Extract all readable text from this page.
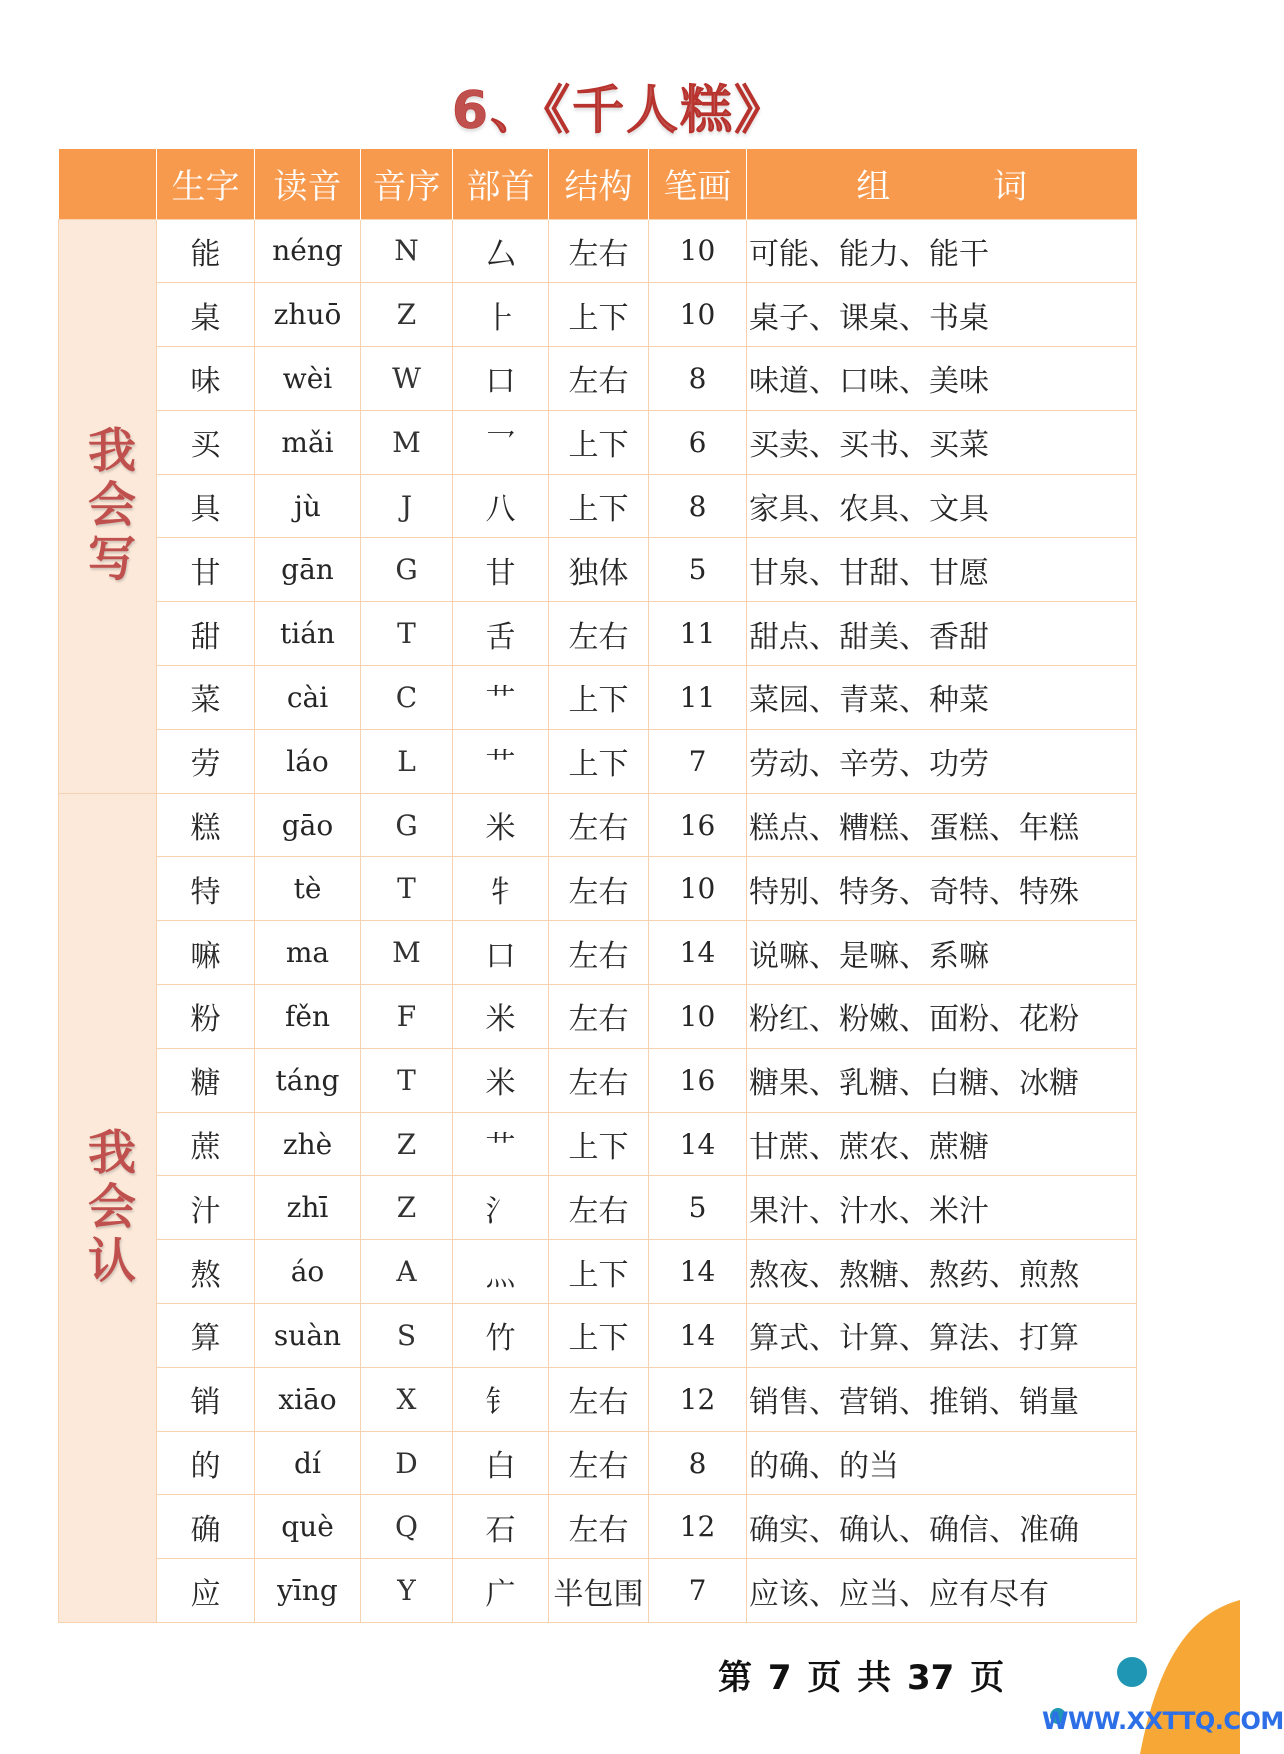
6、《千人糕》
	生字	读音	音序	部首	结构	笔画	组 词
我会写	能	néng	N	厶	左右	10	可能、能力、能干
	桌	zhuō	Z	⺊	上下	10	桌子、课桌、书桌
	味	wèi	W	口	左右	8	味道、口味、美味
	买	mǎi	M	乛	上下	6	买卖、买书、买菜
	具	jù	J	八	上下	8	家具、农具、文具
	甘	gān	G	甘	独体	5	甘泉、甘甜、甘愿
	甜	tián	T	舌	左右	11	甜点、甜美、香甜
	菜	cài	C	艹	上下	11	菜园、青菜、种菜
	劳	láo	L	艹	上下	7	劳动、辛劳、功劳
我会认	糕	gāo	G	米	左右	16	糕点、糟糕、蛋糕、年糕
	特	tè	T	牜	左右	10	特别、特务、奇特、特殊
	嘛	ma	M	口	左右	14	说嘛、是嘛、系嘛
	粉	fěn	F	米	左右	10	粉红、粉嫩、面粉、花粉
	糖	táng	T	米	左右	16	糖果、乳糖、白糖、冰糖
	蔗	zhè	Z	艹	上下	14	甘蔗、蔗农、蔗糖
	汁	zhī	Z	氵	左右	5	果汁、汁水、米汁
	熬	áo	A	灬	上下	14	熬夜、熬糖、熬药、煎熬
	算	suàn	S	竹	上下	14	算式、计算、算法、打算
	销	xiāo	X	钅	左右	12	销售、营销、推销、销量
	的	dí	D	白	左右	8	的确、的当
	确	què	Q	石	左右	12	确实、确认、确信、准确
	应	yīng	Y	广	半包围	7	应该、应当、应有尽有
第 7 页 共 37 页
WWW.XXTTQ.COM
